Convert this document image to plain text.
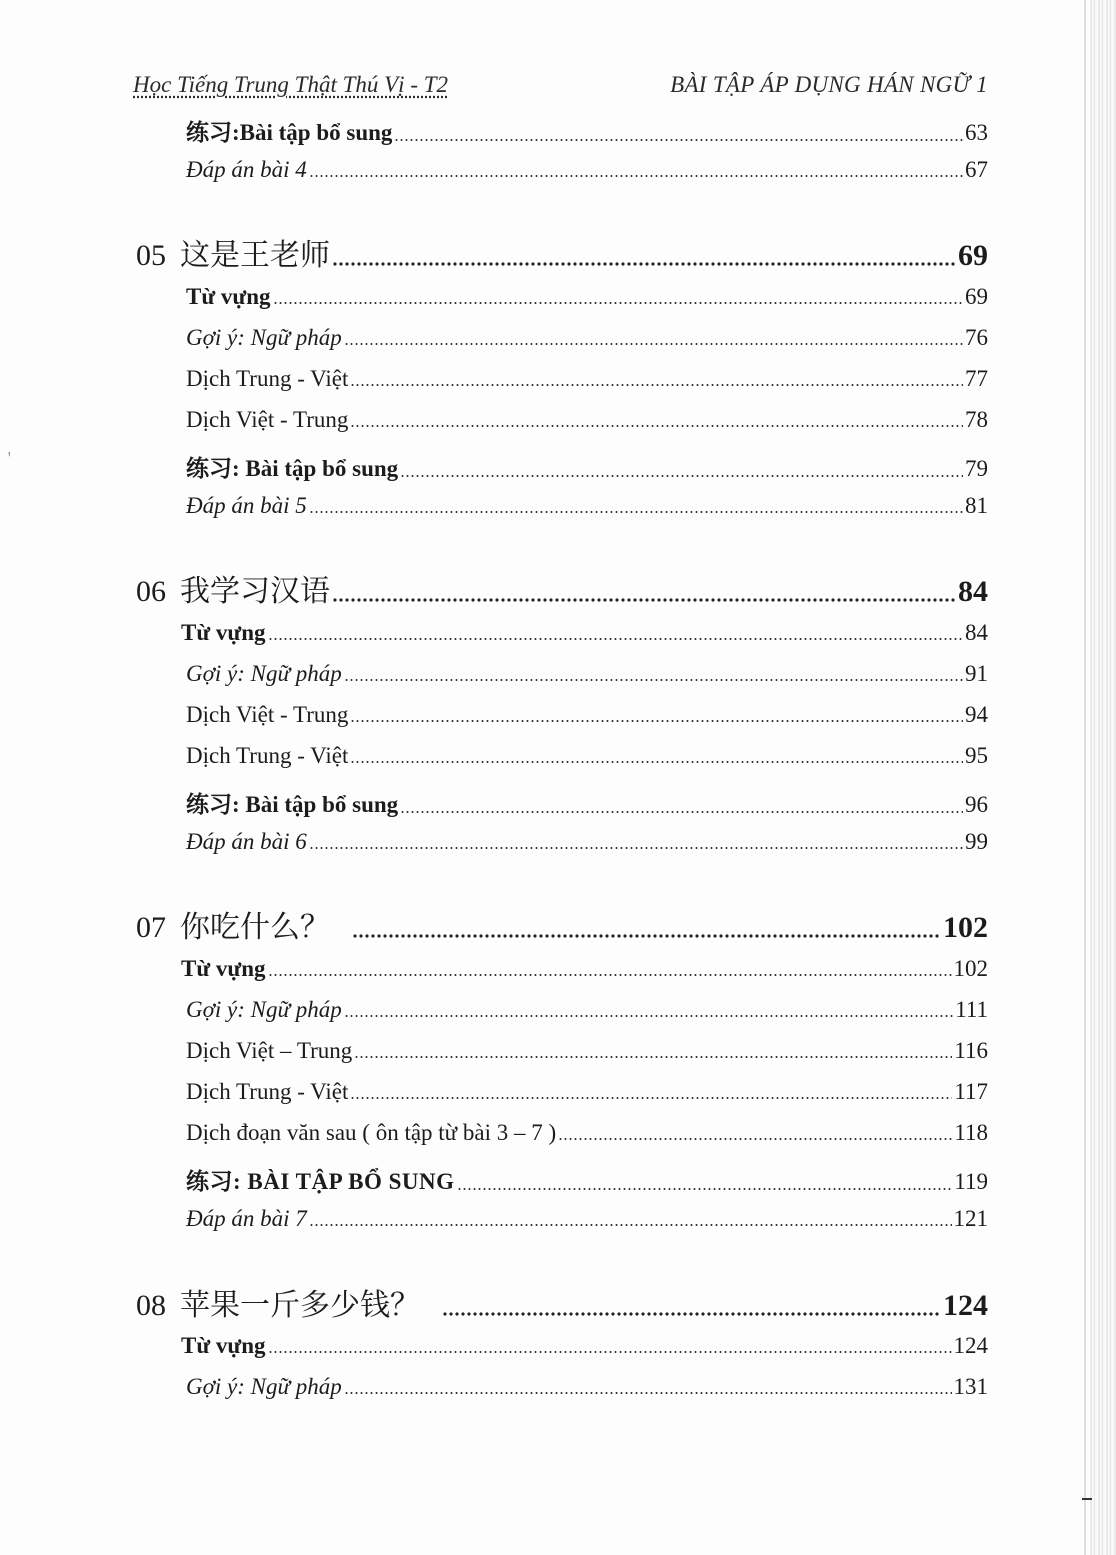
ꞌ
Học Tiếng Trung Thật Thú Vị - T2	BÀI TẬP ÁP DỤNG HÁN NGỮ 1
练习:Bài tập bổ sung	63
Đáp án bài 4	67
05 这是王老师	69
Từ vựng	69
Gợi ý: Ngữ pháp	76
Dịch Trung - Việt	77
Dịch Việt - Trung	78
练习: Bài tập bổ sung	79
Đáp án bài 5	81
06 我学习汉语	84
Từ vựng	84
Gợi ý: Ngữ pháp	91
Dịch Việt - Trung	94
Dịch Trung - Việt	95
练习: Bài tập bổ sung	96
Đáp án bài 6	99
07 你吃什么？	102
Từ vựng	102
Gợi ý: Ngữ pháp	111
Dịch Việt – Trung	116
Dịch Trung - Việt	117
Dịch đoạn văn sau ( ôn tập từ bài 3 – 7 )	118
练习: BÀI TẬP BỔ SUNG	119
Đáp án bài 7	121
08 苹果一斤多少钱？	124
Từ vựng	124
Gợi ý: Ngữ pháp	131
